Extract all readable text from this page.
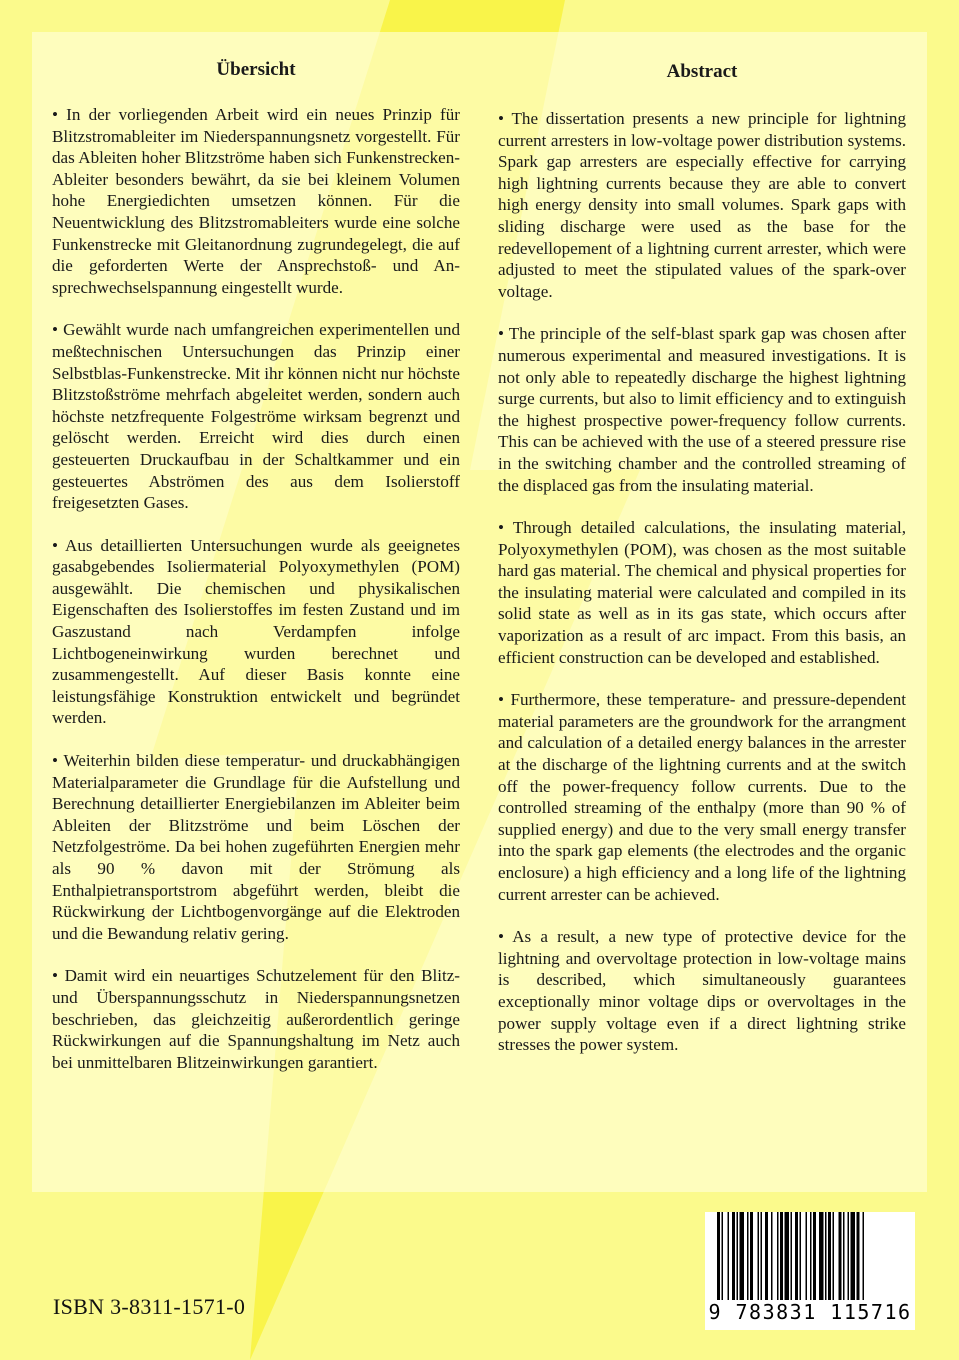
Übersicht

• In der vorliegenden Arbeit wird ein neues Prinzip für Blitzstromableiter im Niederspannungsnetz vorgestellt. Für das Ableiten hoher Blitzströme haben sich Funkenstrecken-Ableiter besonders bewährt, da sie bei kleinem Volumen hohe Energiedichten umsetzen können. Für die Neuentwicklung des Blitzstromableiters wurde eine solche Funkenstrecke mit Gleitanordnung zugrundegelegt, die auf die geforderten Werte der Ansprechstoß- und Ansprechwechselspannung eingestellt wurde.

• Gewählt wurde nach umfangreichen experimentellen und meßtechnischen Untersuchungen das Prinzip einer Selbstblas-Funkenstrecke. Mit ihr können nicht nur höchste Blitzstoßströme mehrfach abgeleitet werden, sondern auch höchste netzfrequente Folgeströme wirksam begrenzt und gelöscht werden. Erreicht wird dies durch einen gesteuerten Druckaufbau in der Schaltkammer und ein gesteuertes Abströmen des aus dem Isolierstoff freigesetzten Gases.

• Aus detaillierten Untersuchungen wurde als geeignetes gasabgebendes Isoliermaterial Polyoxymethylen (POM) ausgewählt. Die chemischen und physikalischen Eigenschaften des Isolierstoffes im festen Zustand und im Gaszustand nach Verdampfen infolge Lichtbogeneinwirkung wurden berechnet und zusammengestellt. Auf dieser Basis konnte eine leistungsfähige Konstruktion entwickelt und begründet werden.

• Weiterhin bilden diese temperatur- und druckabhängigen Materialparameter die Grundlage für die Aufstellung und Berechnung detaillierter Energiebilanzen im Ableiter beim Ableiten der Blitzströme und beim Löschen der Netzfolgeströme. Da bei hohen zugeführten Energien mehr als 90 % davon mit der Strömung als Enthalpietransportstrom abgeführt werden, bleibt die Rückwirkung der Lichtbogenvorgänge auf die Elektroden und die Bewandung relativ gering.

• Damit wird ein neuartiges Schutzelement für den Blitz- und Überspannungsschutz in Niederspannungsnetzen beschrieben, das gleichzeitig außerordentlich geringe Rückwirkungen auf die Spannungshaltung im Netz auch bei unmittelbaren Blitzeinwirkungen garantiert.

Abstract

• The dissertation presents a new principle for lightning current arresters in low-voltage power distribution systems. Spark gap arresters are especially effective for carrying high lightning currents because they are able to convert high energy density into small volumes. Spark gaps with sliding discharge were used as the base for the redevellopement of a lightning current arrester, which were adjusted to meet the stipulated values of the spark-over voltage.

• The principle of the self-blast spark gap was chosen after numerous experimental and measured investigations. It is not only able to repeatedly discharge the highest lightning surge currents, but also to limit efficiency and to extinguish the highest prospective power-frequency follow currents. This can be achieved with the use of a steered pressure rise in the switching chamber and the controlled streaming of the displaced gas from the insulating material.

• Through detailed calculations, the insulating material, Polyoxymethylen (POM), was chosen as the most suitable hard gas material. The chemical and physical properties for the insulating material were calculated and compiled in its solid state as well as in its gas state, which occurs after vaporization as a result of arc impact. From this basis, an efficient construction can be developed and established.

• Furthermore, these temperature- and pressure-dependent material parameters are the groundwork for the arrangment and calculation of a detailed energy balances in the arrester at the discharge of the lightning currents and at the switch off the power-frequency follow currents. Due to the controlled streaming of the enthalpy (more than 90 % of supplied energy) and due to the very small energy transfer into the spark gap elements (the electrodes and the organic enclosure) a high efficiency and a long life of the lightning current arrester can be achieved.

• As a result, a new type of protective device for the lightning and overvoltage protection in low-voltage mains is described, which simultaneously guarantees exceptionally minor voltage dips or overvoltages in the power supply voltage even if a direct lightning strike stresses the power system.

ISBN 3-8311-1571-0	9 783831 115716
